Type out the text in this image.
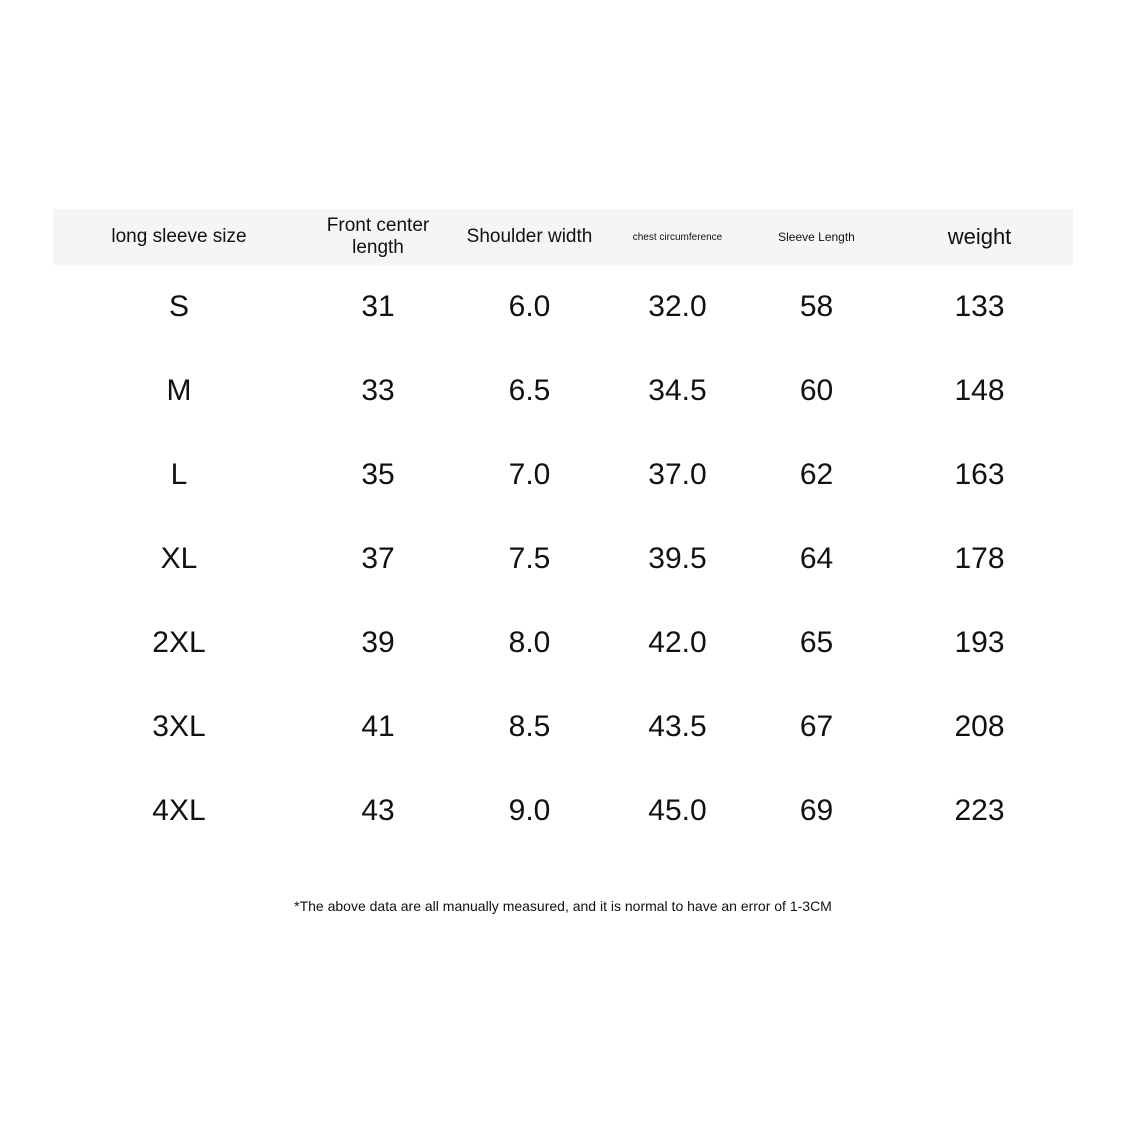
long sleeve size	Front center length	Shoulder width	chest circumference	Sleeve Length	weight
S	31	6.0	32.0	58	133
M	33	6.5	34.5	60	148
L	35	7.0	37.0	62	163
XL	37	7.5	39.5	64	178
2XL	39	8.0	42.0	65	193
3XL	41	8.5	43.5	67	208
4XL	43	9.0	45.0	69	223
*The above data are all manually measured, and it is normal to have an error of 1-3CM
